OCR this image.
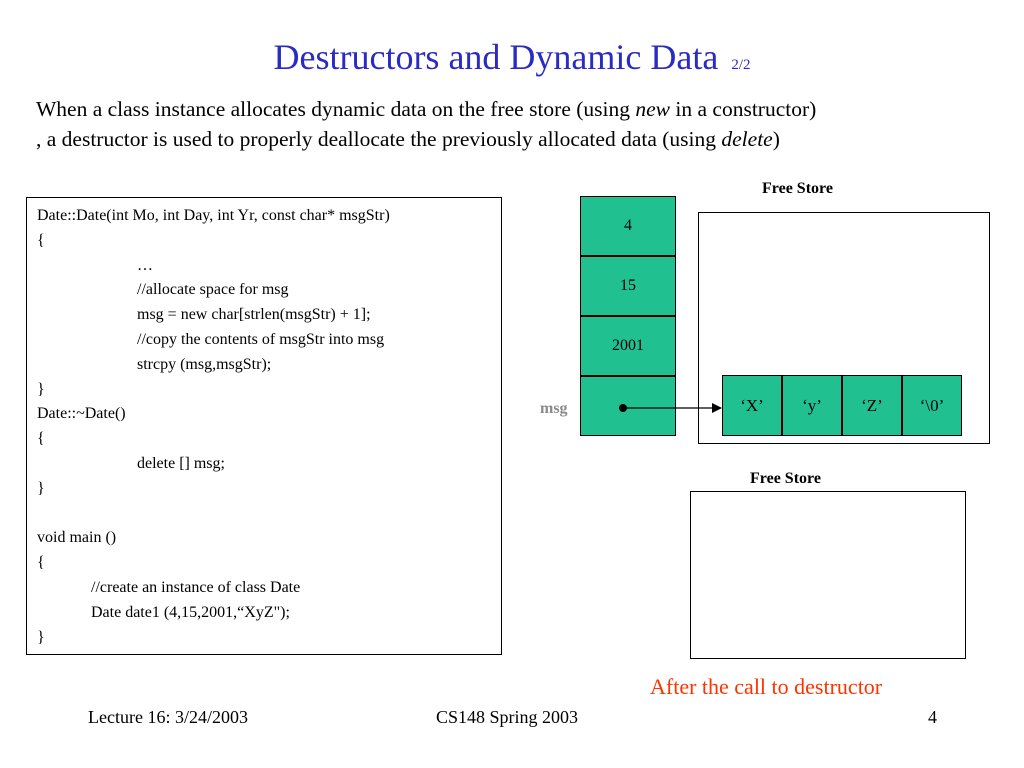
Destructors and Dynamic Data 2/2
When a class instance allocates dynamic data on the free store (using new in a constructor)
, a destructor is used to properly deallocate the previously allocated data (using delete)
Date::Date(int Mo, int Day, int Yr, const char* msgStr)
{
…
//allocate space for msg
msg = new char[strlen(msgStr) + 1];
//copy the contents of msgStr into msg
strcpy (msg,msgStr);
}
Date::~Date()
{
delete [] msg;
}
void main ()
{
//create an instance of class Date
Date date1 (4,15,2001,“XyZ");
}
4
15
2001
msg
Free Store
‘X’	‘y’	‘Z’	‘\0’
Free Store
After the call to destructor
Lecture 16: 3/24/2003	CS148 Spring 2003	4
